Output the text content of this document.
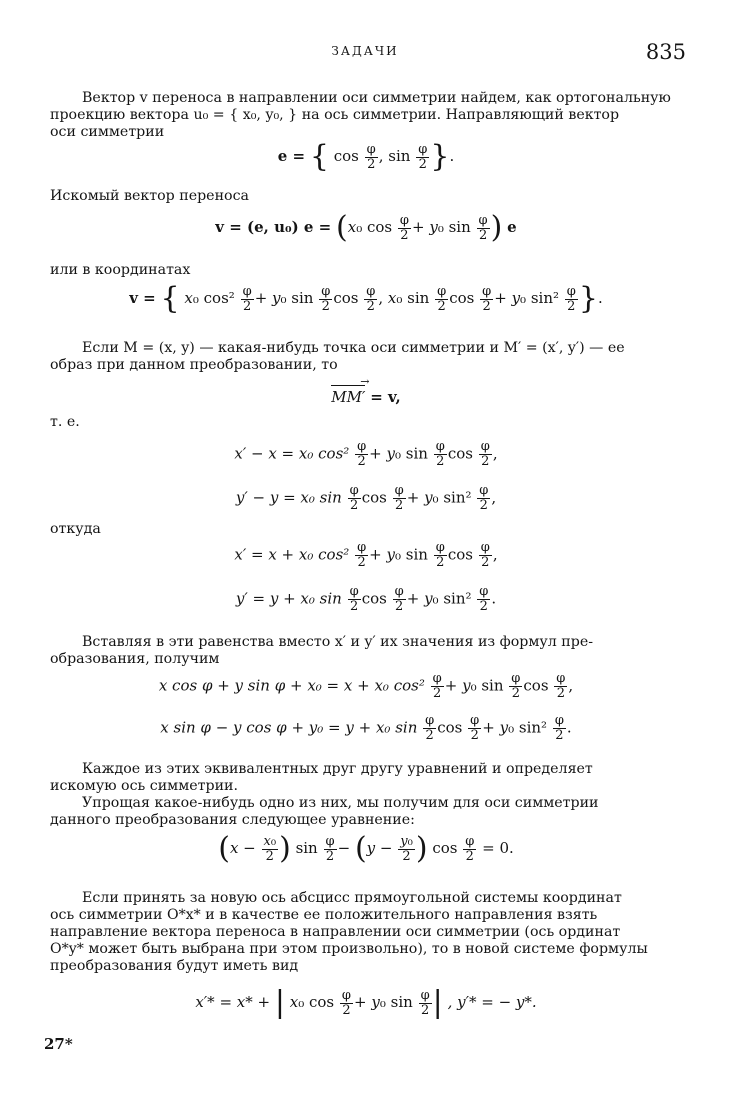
ЗАДАЧИ	835
Вектор v переноса в направлении оси симметрии найдем, как ортогональную
проекцию вектора u₀ = { x₀, y₀, } на ось симметрии. Направляющий вектор
оси симметрии
e = { $\cos \frac{\varphi}{2}$ , $\sin \frac{\varphi}{2}$ }.
Искомый вектор переноса
v = (e, u₀) e = (x₀ $\cos \frac{\varphi}{2} + y_0$ $\sin \frac{\varphi}{2}$ ) e
или в координатах
v = { x₀ $\cos^2 \frac{\varphi}{2} + y_0$ $\sin \frac{\varphi}{2}$ $\cos \frac{\varphi}{2}$ , x₀ $\sin \frac{\varphi}{2}$ $\cos \frac{\varphi}{2} + y_0$ $\sin^2 \frac{\varphi}{2}$ }.
Если M = (x, y) — какая-нибудь точка оси симметрии и M′ = (x′, y′) — ее
образ при данном преобразовании, то
MM′ → = v,
т. е.
x′ − x = x₀ $\cos^2 \frac{\varphi}{2} + y_0$ $\sin \frac{\varphi}{2}$ $\cos \frac{\varphi}{2}$ ,
y′ − y = x₀ $\sin \frac{\varphi}{2}$ $\cos \frac{\varphi}{2} + y_0$ $\sin^2 \frac{\varphi}{2}$ ,
откуда
x′ = x + x₀ $\cos^2 \frac{\varphi}{2} + y_0$ $\sin \frac{\varphi}{2}$ $\cos \frac{\varphi}{2}$ ,
y′ = y + x₀ $\sin \frac{\varphi}{2}$ $\cos \frac{\varphi}{2} + y_0$ $\sin^2 \frac{\varphi}{2}$ .
Вставляя в эти равенства вместо x′ и y′ их значения из формул пре-
образования, получим
x cos φ + y sin φ + x₀ = x + x₀ $\cos^2 \frac{\varphi}{2} + y_0$ $\sin \frac{\varphi}{2}$ $\cos \frac{\varphi}{2}$ ,
x sin φ − y cos φ + y₀ = y + x₀ $\sin \frac{\varphi}{2}$ $\cos \frac{\varphi}{2} + y_0$ $\sin^2 \frac{\varphi}{2}$ .
Каждое из этих эквивалентных друг другу уравнений и определяет
искомую ось симметрии.
Упрощая какое-нибудь одно из них, мы получим для оси симметрии
данного преобразования следующее уравнение:
($x - \frac{\text{x₀}}{2}$ ) $\sin \frac{\varphi}{2} - (y - \frac{\text{y₀}}{2}$ ) $\cos \frac{\varphi}{2} = 0$.
Если принять за новую ось абсцисс прямоугольной системы координат
ось симметрии O*x* и в качестве ее положительного направления взять
направление вектора переноса в направлении оси симметрии (ось ординат
O*y* может быть выбрана при этом произвольно), то в новой системе формулы
преобразования будут иметь вид
x′* = x* + | x₀ $\cos \frac{\varphi}{2} + y_0$ $\sin \frac{\varphi}{2}$ | , y′* = − y*.
27*
